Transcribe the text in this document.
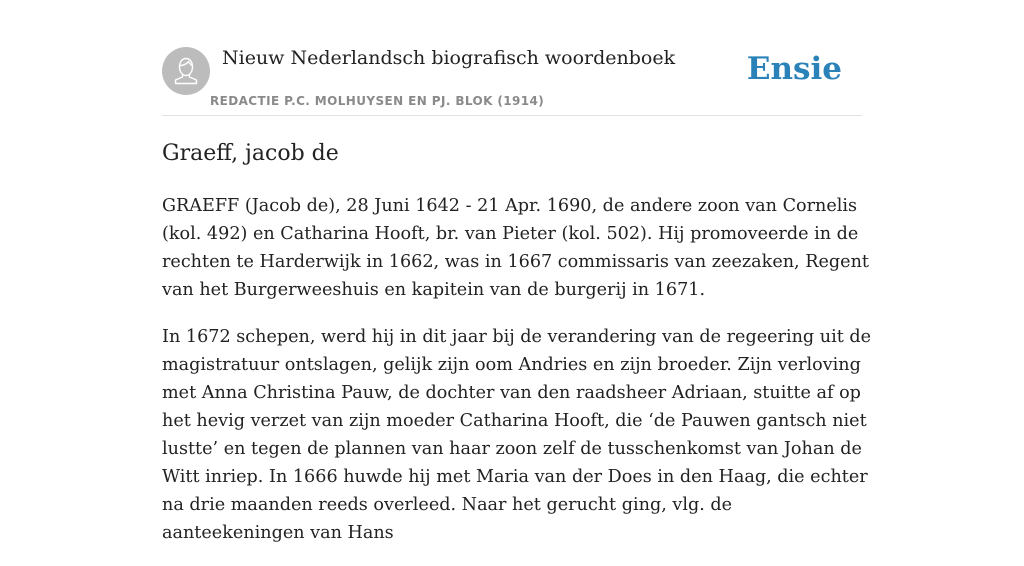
Nieuw Nederlandsch biografisch woordenboek
REDACTIE P.C. MOLHUYSEN EN PJ. BLOK (1914)
Ensie
Graeff, jacob de

GRAEFF (Jacob de), 28 Juni 1642 - 21 Apr. 1690, de andere zoon van Cornelis (kol. 492) en Catharina Hooft, br. van Pieter (kol. 502). Hij promoveerde in de rechten te Harderwijk in 1662, was in 1667 commissaris van zeezaken, Regent van het Burgerweeshuis en kapitein van de burgerij in 1671.

In 1672 schepen, werd hij in dit jaar bij de verandering van de regeering uit de magistratuur ontslagen, gelijk zijn oom Andries en zijn broeder. Zijn verloving met Anna Christina Pauw, de dochter van den raadsheer Adriaan, stuitte af op het hevig verzet van zijn moeder Catharina Hooft, die ‘de Pauwen gantsch niet lustte’ en tegen de plannen van haar zoon zelf de tusschenkomst van Johan de Witt inriep. In 1666 huwde hij met Maria van der Does in den Haag, die echter na drie maanden reeds overleed. Naar het gerucht ging, vlg. de aanteekeningen van Hans
